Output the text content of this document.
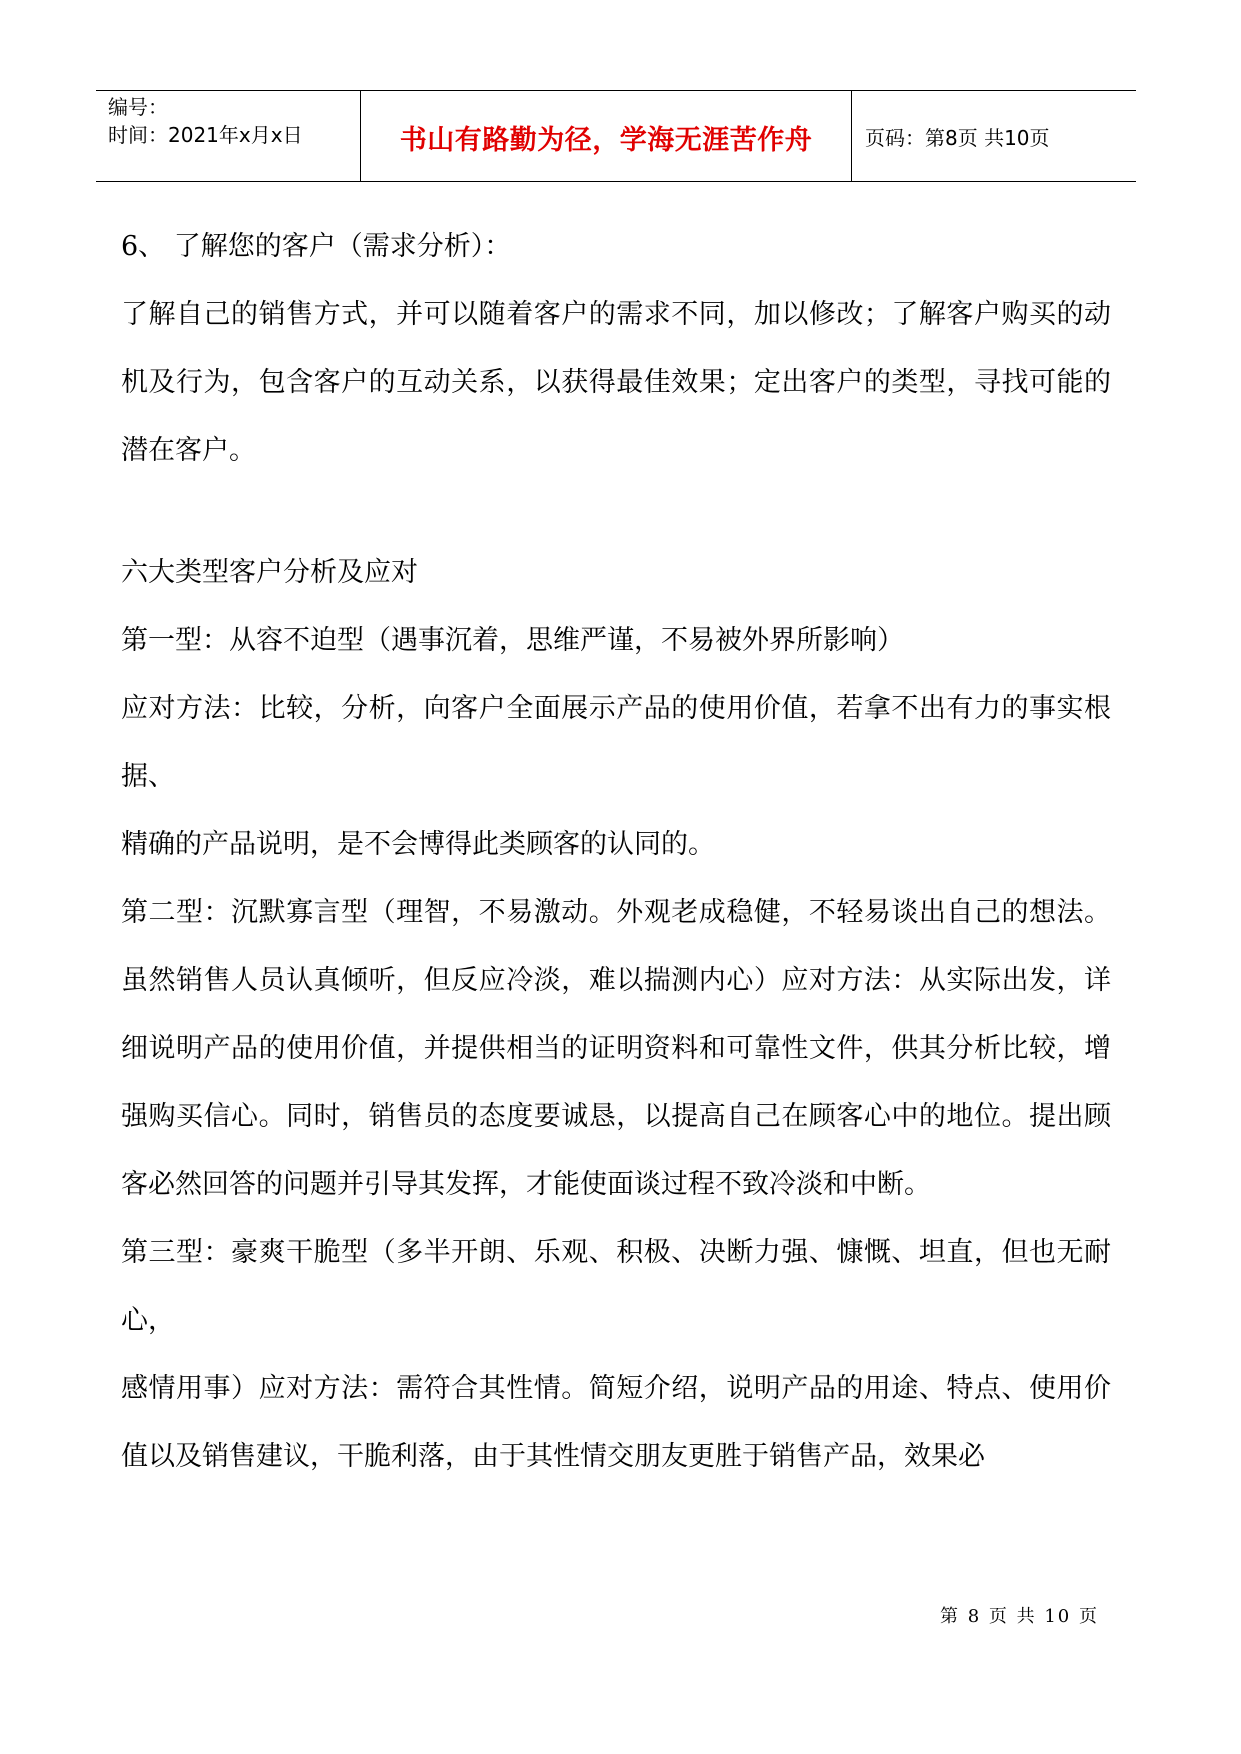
编号：
时间：2021年x月x日	书山有路勤为径，学海无涯苦作舟	页码：第8页 共10页

6、 了解您的客户（需求分析）：

了解自己的销售方式，并可以随着客户的需求不同，加以修改；了解客户购买的动机及行为，包含客户的互动关系，以获得最佳效果；定出客户的类型，寻找可能的潜在客户。

六大类型客户分析及应对

第一型：从容不迫型（遇事沉着，思维严谨，不易被外界所影响）

应对方法：比较，分析，向客户全面展示产品的使用价值，若拿不出有力的事实根据、

精确的产品说明，是不会博得此类顾客的认同的。

第二型：沉默寡言型（理智，不易激动。外观老成稳健，不轻易谈出自己的想法。虽然销售人员认真倾听，但反应冷淡，难以揣测内心）应对方法：从实际出发，详细说明产品的使用价值，并提供相当的证明资料和可靠性文件，供其分析比较，增强购买信心。同时，销售员的态度要诚恳，以提高自己在顾客心中的地位。提出顾客必然回答的问题并引导其发挥，才能使面谈过程不致冷淡和中断。

第三型：豪爽干脆型（多半开朗、乐观、积极、决断力强、慷慨、坦直，但也无耐心，

感情用事）应对方法：需符合其性情。简短介绍，说明产品的用途、特点、使用价值以及销售建议，干脆利落，由于其性情交朋友更胜于销售产品，效果必

第 8 页 共 10 页
